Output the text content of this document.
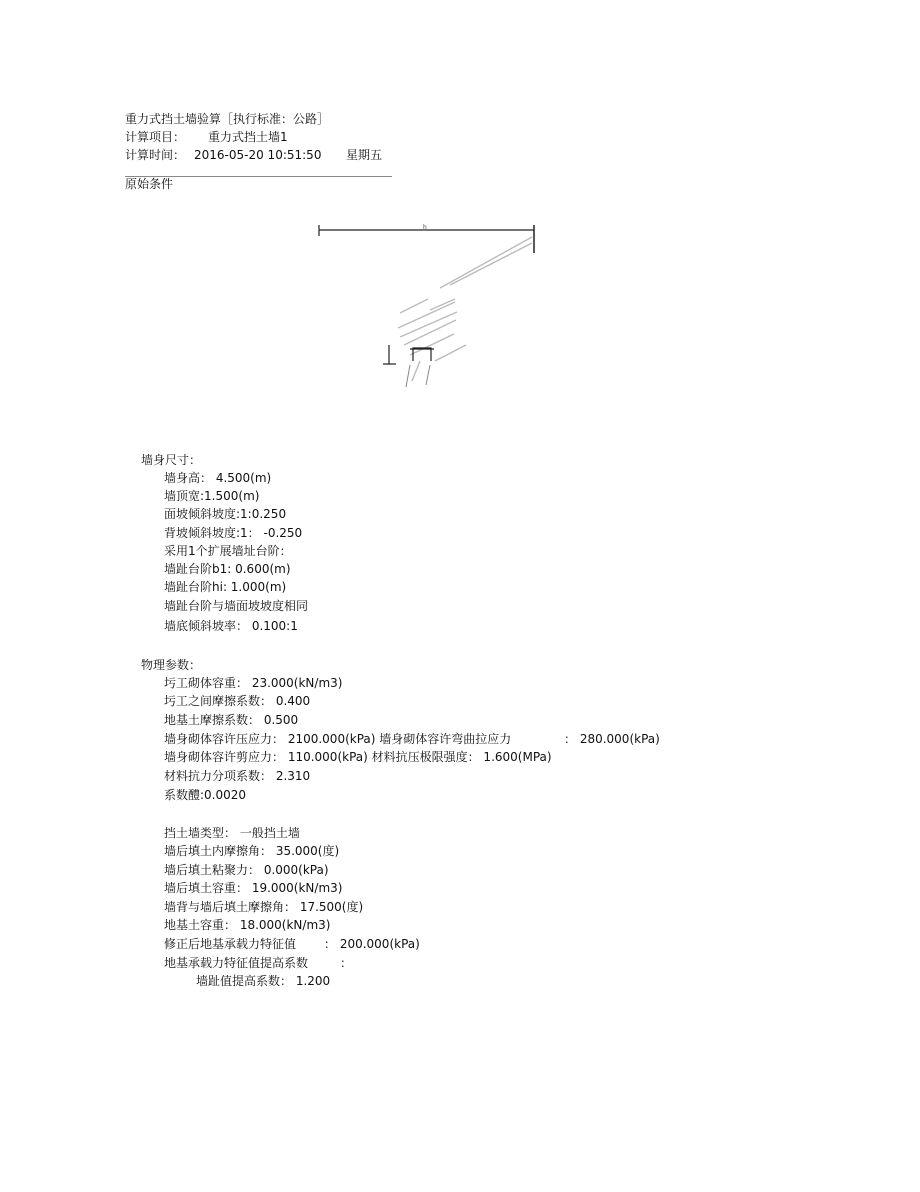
重力式挡土墙验算［执行标准：公路］
计算项目： 重力式挡土墙1
计算时间： 2016-05-20 10:51:50 星期五
原始条件
h
墙身尺寸：
墙身高： 4.500(m)
墙顶宽:1.500(m)
面坡倾斜坡度:1:0.250
背坡倾斜坡度:1： -0.250
采用1个扩展墙址台阶：
墙趾台阶b1: 0.600(m)
墙趾台阶hi: 1.000(m)
墙趾台阶与墙面坡坡度相同
墙底倾斜坡率： 0.100:1
物理参数：
圬工砌体容重： 23.000(kN/m3)
圬工之间摩擦系数： 0.400
地基土摩擦系数： 0.500
墙身砌体容许压应力： 2100.000(kPa) 墙身砌体容许弯曲拉应力	： 280.000(kPa)
墙身砌体容许剪应力： 110.000(kPa) 材料抗压极限强度： 1.600(MPa)
材料抗力分项系数： 2.310
系数醴:0.0020
挡土墙类型： 一般挡土墙
墙后填土内摩擦角： 35.000(度)
墙后填土粘聚力： 0.000(kPa)
墙后填土容重： 19.000(kN/m3)
墙背与墙后填土摩擦角： 17.500(度)
地基土容重： 18.000(kN/m3)
修正后地基承载力特征值 ： 200.000(kPa)
地基承载力特征值提高系数	：
墙趾值提高系数： 1.200
